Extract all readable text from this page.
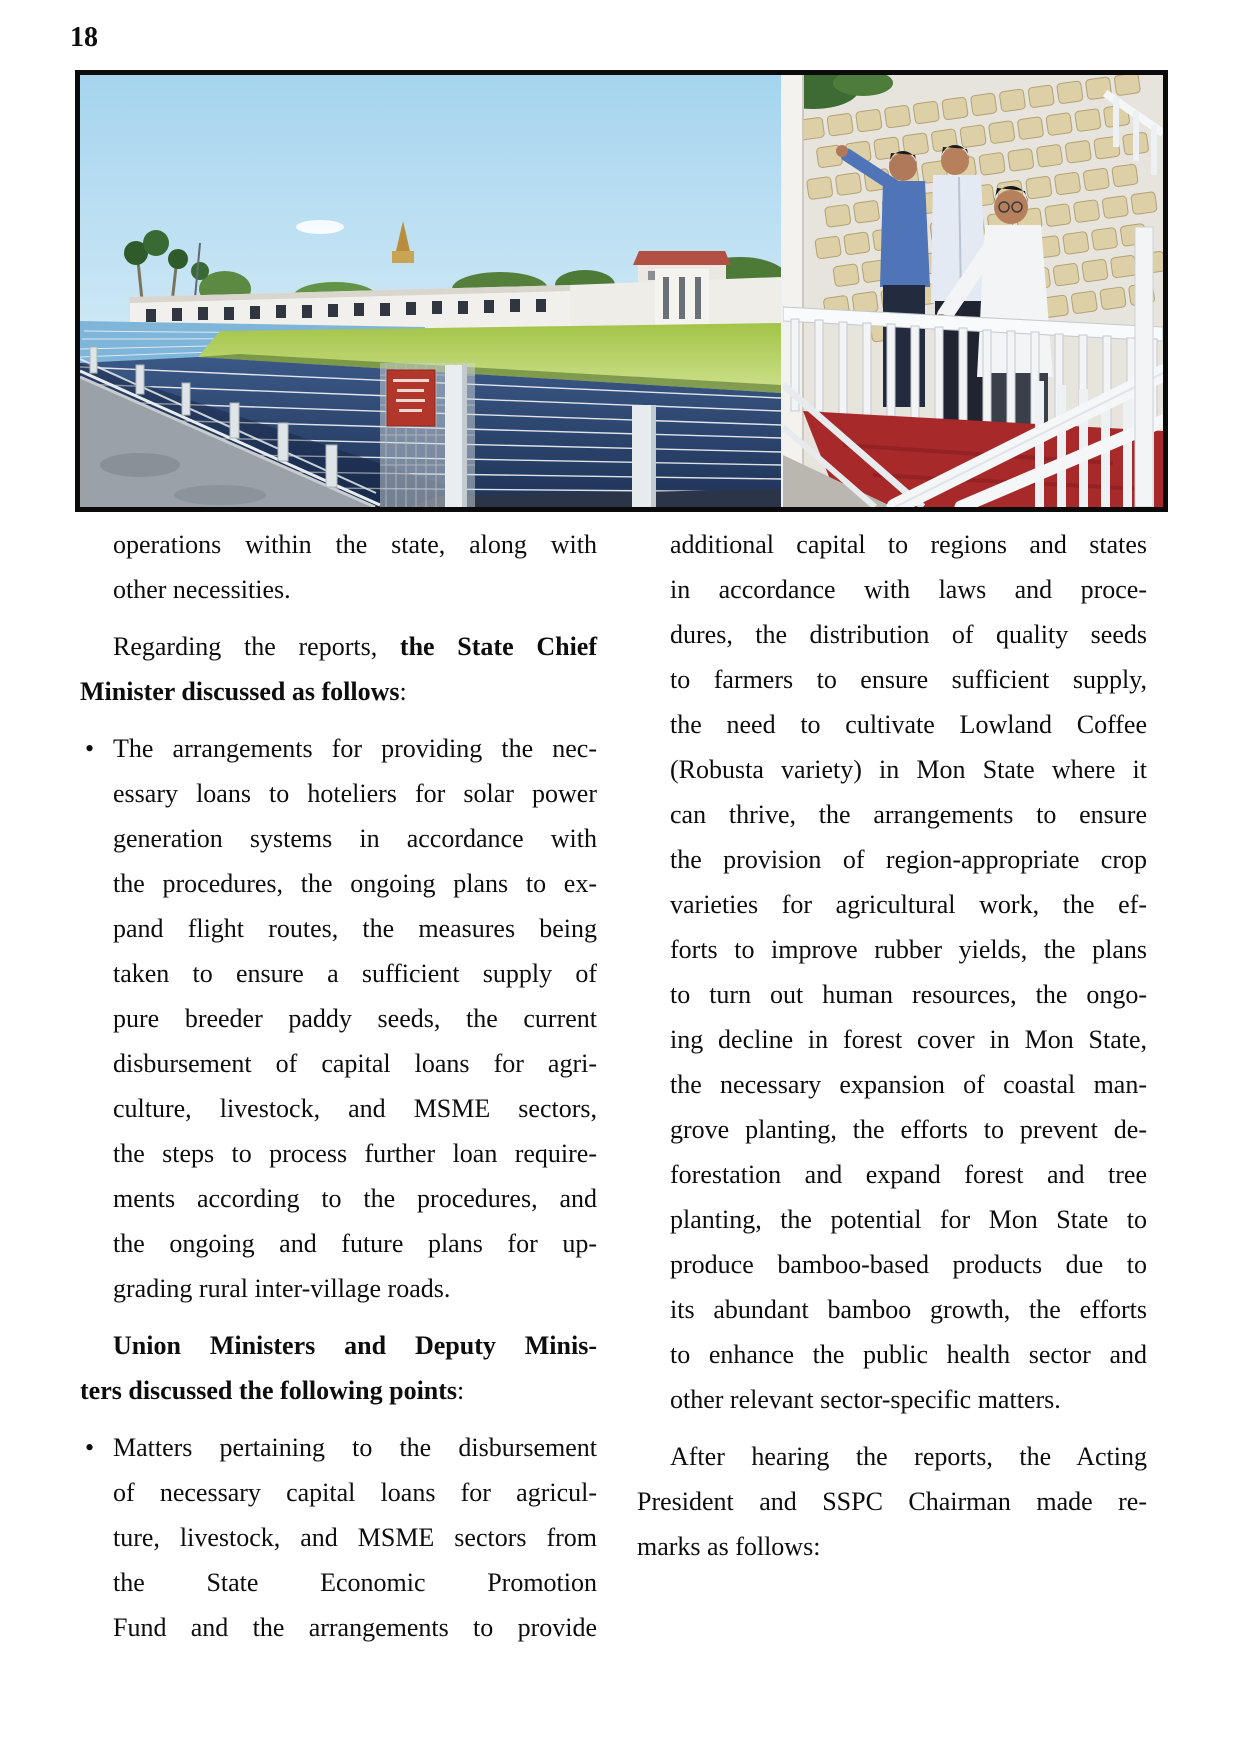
18
operations within the state, along with
other necessities.
Regarding the reports, the State Chief
Minister discussed as follows:
• The arrangements for providing the nec-
essary loans to hoteliers for solar power
generation systems in accordance with
the procedures, the ongoing plans to ex-
pand flight routes, the measures being
taken to ensure a sufficient supply of
pure breeder paddy seeds, the current
disbursement of capital loans for agri-
culture, livestock, and MSME sectors,
the steps to process further loan require-
ments according to the procedures, and
the ongoing and future plans for up-
grading rural inter-village roads.
Union Ministers and Deputy Minis-
ters discussed the following points:
• Matters pertaining to the disbursement
of necessary capital loans for agricul-
ture, livestock, and MSME sectors from
the State Economic Promotion
Fund and the arrangements to provide
additional capital to regions and states
in accordance with laws and proce-
dures, the distribution of quality seeds
to farmers to ensure sufficient supply,
the need to cultivate Lowland Coffee
(Robusta variety) in Mon State where it
can thrive, the arrangements to ensure
the provision of region-appropriate crop
varieties for agricultural work, the ef-
forts to improve rubber yields, the plans
to turn out human resources, the ongo-
ing decline in forest cover in Mon State,
the necessary expansion of coastal man-
grove planting, the efforts to prevent de-
forestation and expand forest and tree
planting, the potential for Mon State to
produce bamboo-based products due to
its abundant bamboo growth, the efforts
to enhance the public health sector and
other relevant sector-specific matters.
After hearing the reports, the Acting
President and SSPC Chairman made re-
marks as follows:
